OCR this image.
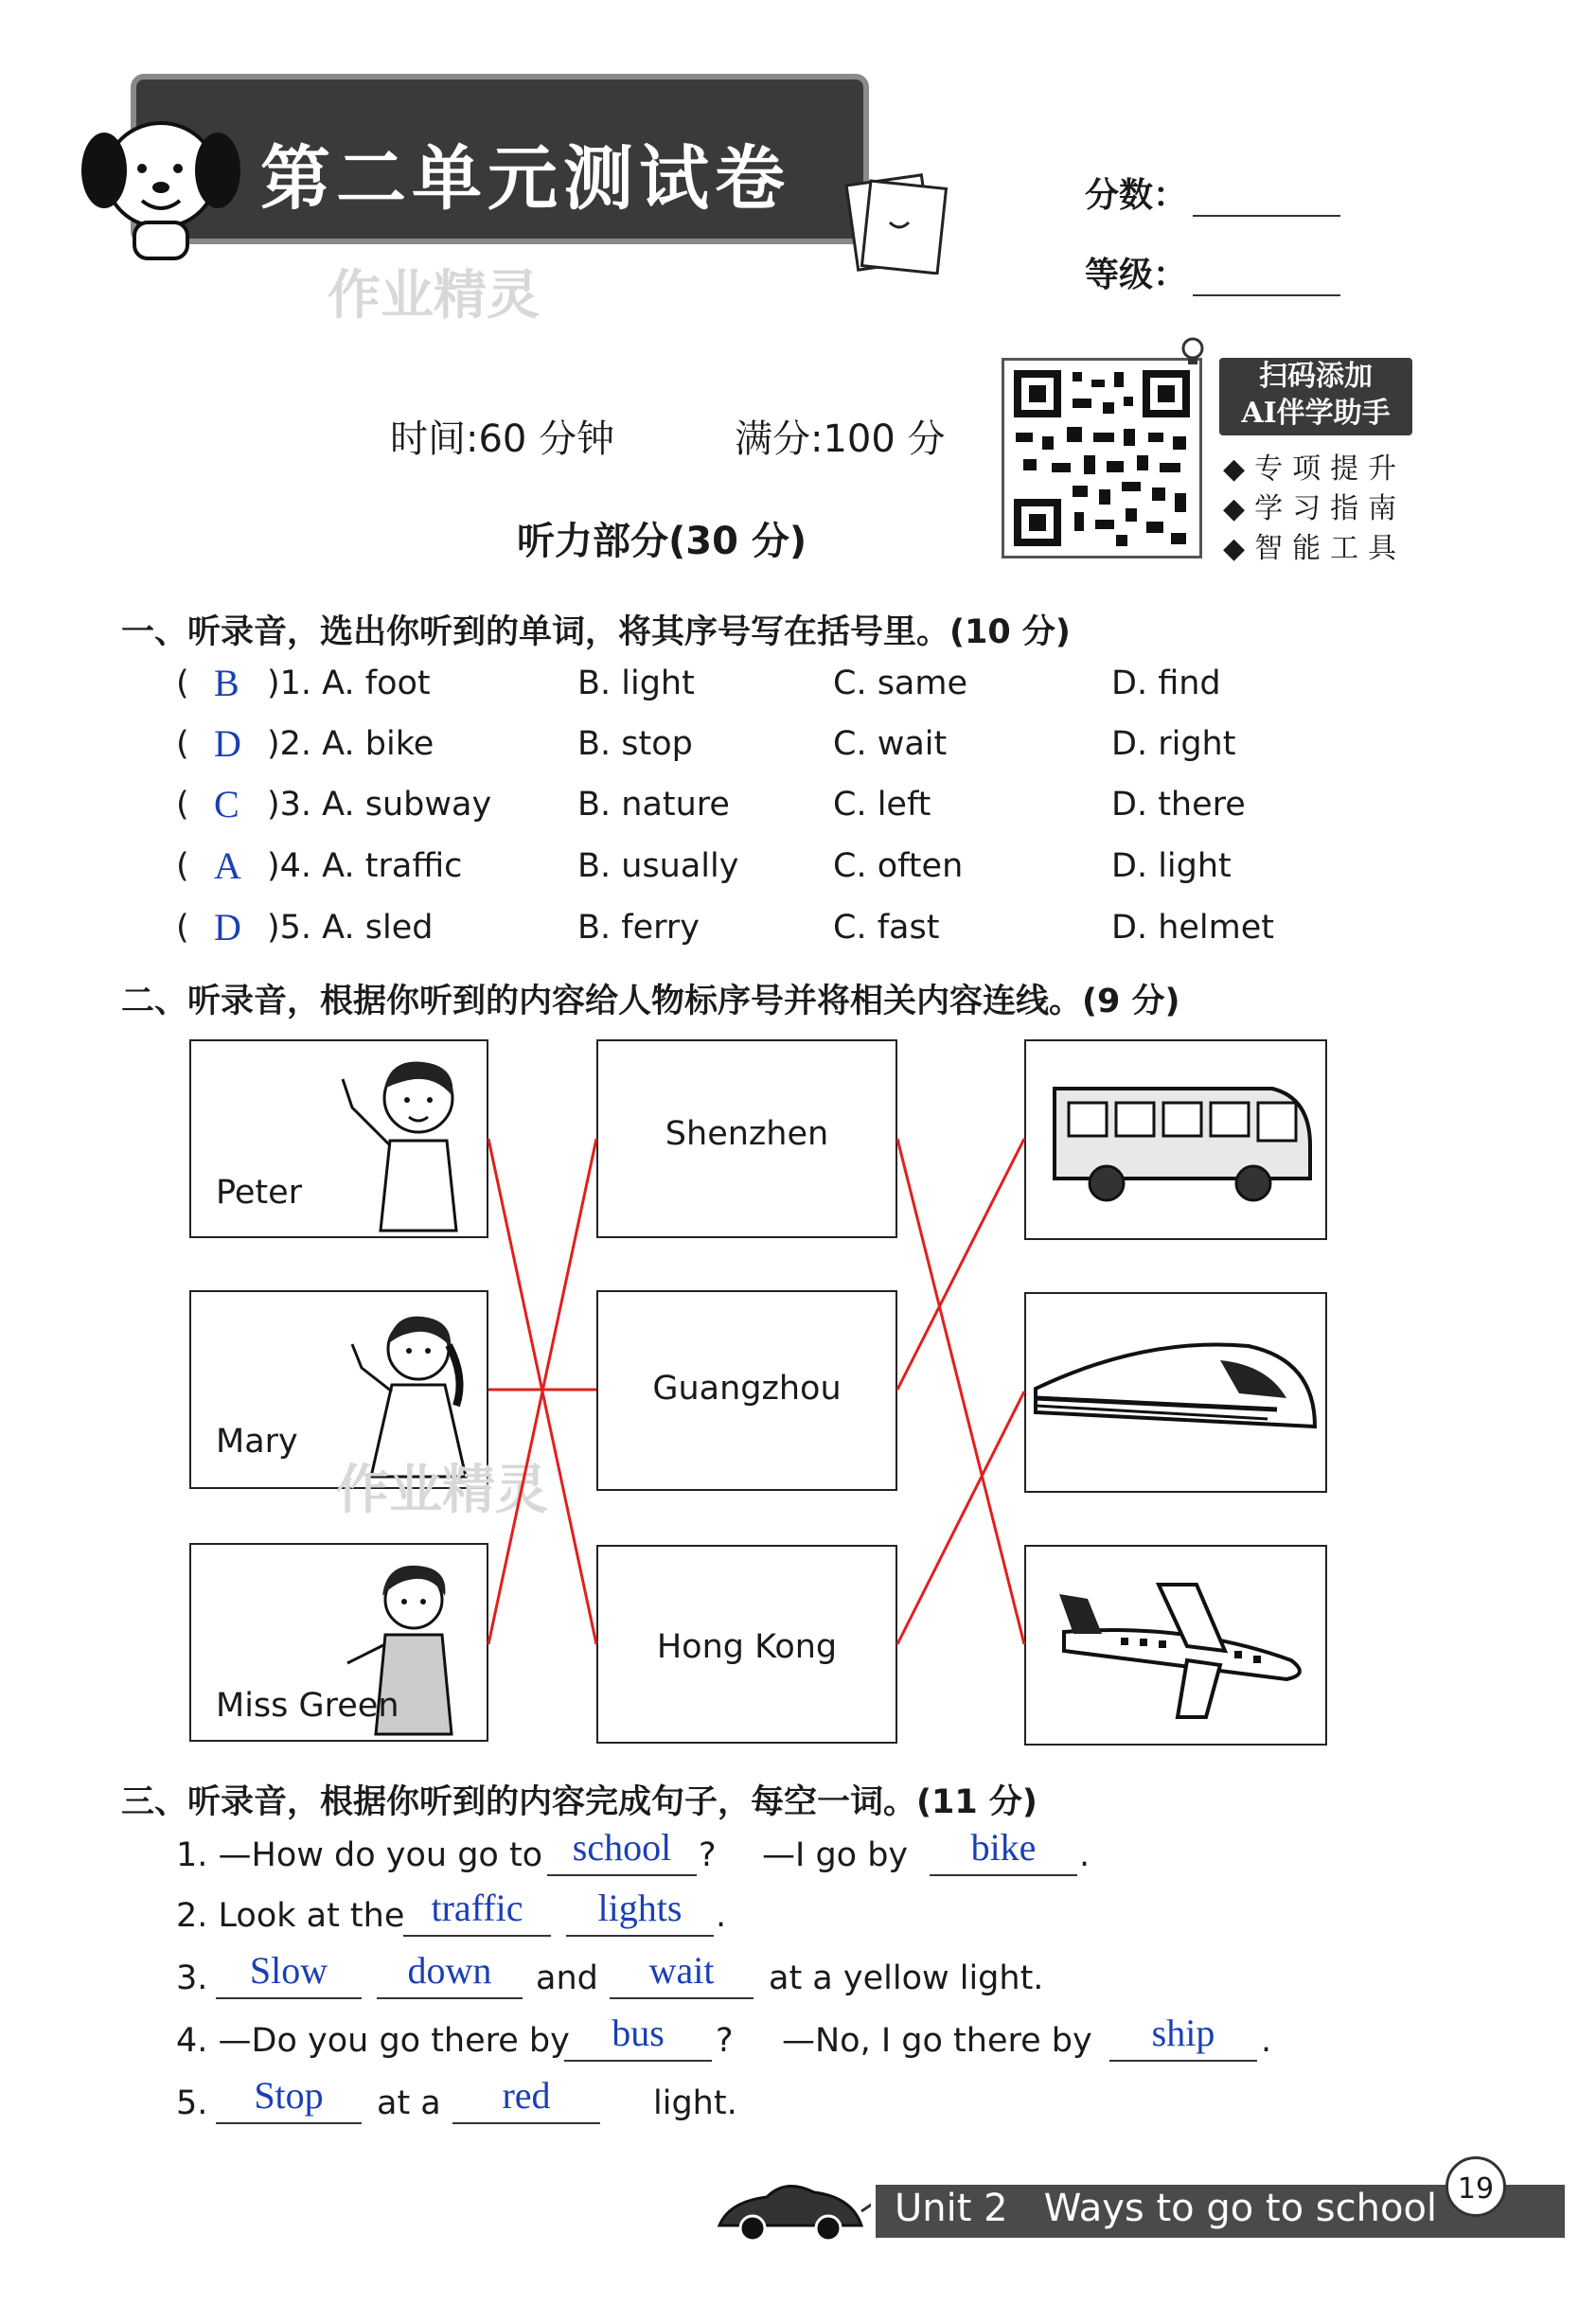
第二单元测试卷
作业精灵
分数：
等级：
时间:60 分钟	满分:100 分
听力部分(30 分)
扫码添加
AI伴学助手
◆专项提升
◆学习指南
◆智能工具
一、听录音，选出你听到的单词，将其序号写在括号里。(10 分)
( B )1. A. foot	B. light	C. same	D. find
( D )2. A. bike	B. stop	C. wait	D. right
( C )3. A. subway	B. nature	C. left	D. there
( A )4. A. traffic	B. usually	C. often	D. light
( D )5. A. sled	B. ferry	C. fast	D. helmet
二、听录音，根据你听到的内容给人物标序号并将相关内容连线。(9 分)
Peter
Mary
Miss Green
Shenzhen
Guangzhou
Hong Kong
作业精灵
三、听录音，根据你听到的内容完成句子，每空一词。(11 分)
1. —How do you go to school ? —I go by	bike	.
2. Look at the traffic	lights	.
3.	Slow	down	and	wait	at a yellow light.
4. —Do you go there by	bus	? —No, I go there by	ship	.
5.	Stop	at a	red	light.
Unit 2 Ways to go to school 19
